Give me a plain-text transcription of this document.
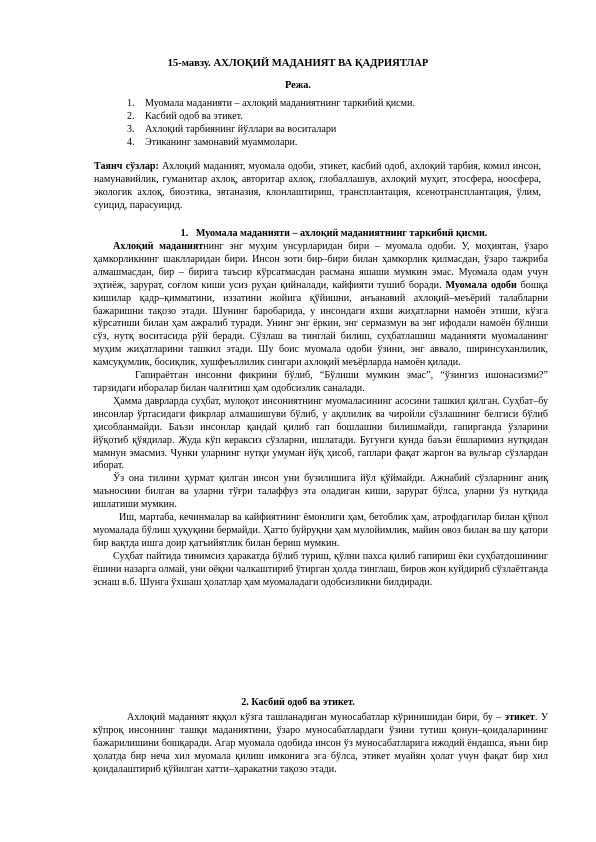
15-мавзу. АХЛОҚИЙ МАДАНИЯТ ВА ҚАДРИЯТЛАР
Режа.
1. Муомала маданияти – ахлоқий маданиятнинг таркибий қисми.
2. Касбий одоб ва этикет.
3. Ахлоқий тарбиянинг йўллари ва воситалари
4. Этиканинг замонавий муаммолари.
Таянч сўзлар: Ахлоқий маданият, муомала одоби, этикет, касбий одоб, ахлоқий тарбия, комил инсон, намунавийлик, гуманитар ахлоқ, авторитар ахлоқ, глобаллашув, ахлоқий муҳит, этосфера, ноосфера, экологик ахлоқ, биоэтика, эвтаназия, клонлаштириш, трансплантация, ксенотрансплантация, ўлим, суицид, парасуицид.
1. Муомала маданияти – ахлоқий маданиятнинг таркибий қисми.

Ахлоқий маданиятнинг энг муҳим унсурларидан бири – муомала одоби. У, моҳиятан, ўзаро ҳамкорликнинг шаклларидан бири. Инсон зоти бир–бири билан ҳамкорлик қилмасдан, ўзаро тажриба алмашмасдан, бир – бирига таъсир кўрсатмасдан расмана яшаши мумкин эмас. Муомала одам учун эҳтиёж, зарурат, соғлом киши усиз руҳан қийналади, кайфияти тушиб боради. Муомала одоби бошқа кишилар қадр–қимматини, иззатини жойига қўйишни, анъанавий ахлоқий–меъёрий талабларни бажаришни тақозо этади. Шунинг баробарида, у инсондаги яхши жиҳатларни намоён этиши, кўзга кўрсатиши билан ҳам ажралиб туради. Унинг энг ёркин, энг сермазмун ва энг ифодали намоён бўлиши сўз, нутқ воситасида рўй беради. Сўзлаш ва тинглай билиш, суҳбатлашиш маданияти муомаланинг муҳим жиҳатларини ташкил этади. Шу боис муомала одоби ўзини, энг аввало, ширинсуханлилик, камсуқумлик, босиқлик, хушфеъллилик сингари ахлоқий меъёрларда намоён қилади.

Гапираётган инсонни фикрини бўлиб, “Бўлиши мумкин эмас”, “ўзингиз ишонасизми?” тарзидаги иборалар билан чалғитиш ҳам одобсизлик саналади.

Ҳамма даврларда суҳбат, мулоқот инсониятнинг муомаласининг асосини ташкил қилган. Суҳбат–бу инсонлар ўртасидаги фикрлар алмашишуви бўлиб, у ақллилик ва чиройли сўзлашнинг белгиси бўлиб ҳисобланмайди. Баъзи инсонлар қандай қилиб гап бошлашни билишмайди, гапирганда ўзларини йўқотиб қўядилар. Жуда кўп кераксиз сўзларни, ишлатади. Бугунги кунда баъзи ёшларимиз нутқидан мамнун эмасмиз. Чунки уларнинг нутқи умуман йўқ ҳисоб, гаплари фақат жаргон ва вульгар сўзлардан иборат.

Ўз она тилини ҳурмат қилган инсон уни бузилишига йўл қўймайди. Ажнабий сўзларнинг аниқ маъносини билган ва уларни тўғри талаффуз эта оладиган киши, зарурат бўлса, уларни ўз нутқида ишлатиши мумкин.

Иш, мартаба, кечинмалар ва кайфиятнинг ёмонлиги ҳам, бетоблик ҳам, атрофдагилар билан қўпол муомалада бўлиш ҳуқуқини бермайди. Ҳатто буйруқни ҳам мулойимлик, майин овоз билан ва шу қатори бир вақтда ишга доир қатъийятлик билан бериш мумкин.

Суҳбат пайтида тинимсиз ҳаракатда бўлиб туриш, қўлни пахса қилиб гапириш ёки суҳбатдошининг ёшини назарга олмай, уни оёқни чалкаштириб ўтирган ҳолда тинглаш, биров жон куйдириб сўзлаётганда эснаш в.б. Шунга ўхшаш ҳолатлар ҳам муомаладаги одобсизликни билдиради.

2. Касбий одоб ва этикет.

Ахлоқий маданият яққол кўзга ташланадиган муносабатлар кўринишидан бири, бу – этикет. У кўпроқ инсоннинг ташқи маданиятини, ўзаро муносабатлардаги ўзини тутиш қонун–қоидаларининг бажарилишини бошқаради. Агар муомала одобида инсон ўз муносабатларига ижодий ёндашса, яъни бир ҳолатда бир неча хил муомала қилиш имконига эга бўлса, этикет муайян ҳолат учун фақат бир хил қоидалаштириб қўйилган хатти–ҳаракатни тақозо этади.
